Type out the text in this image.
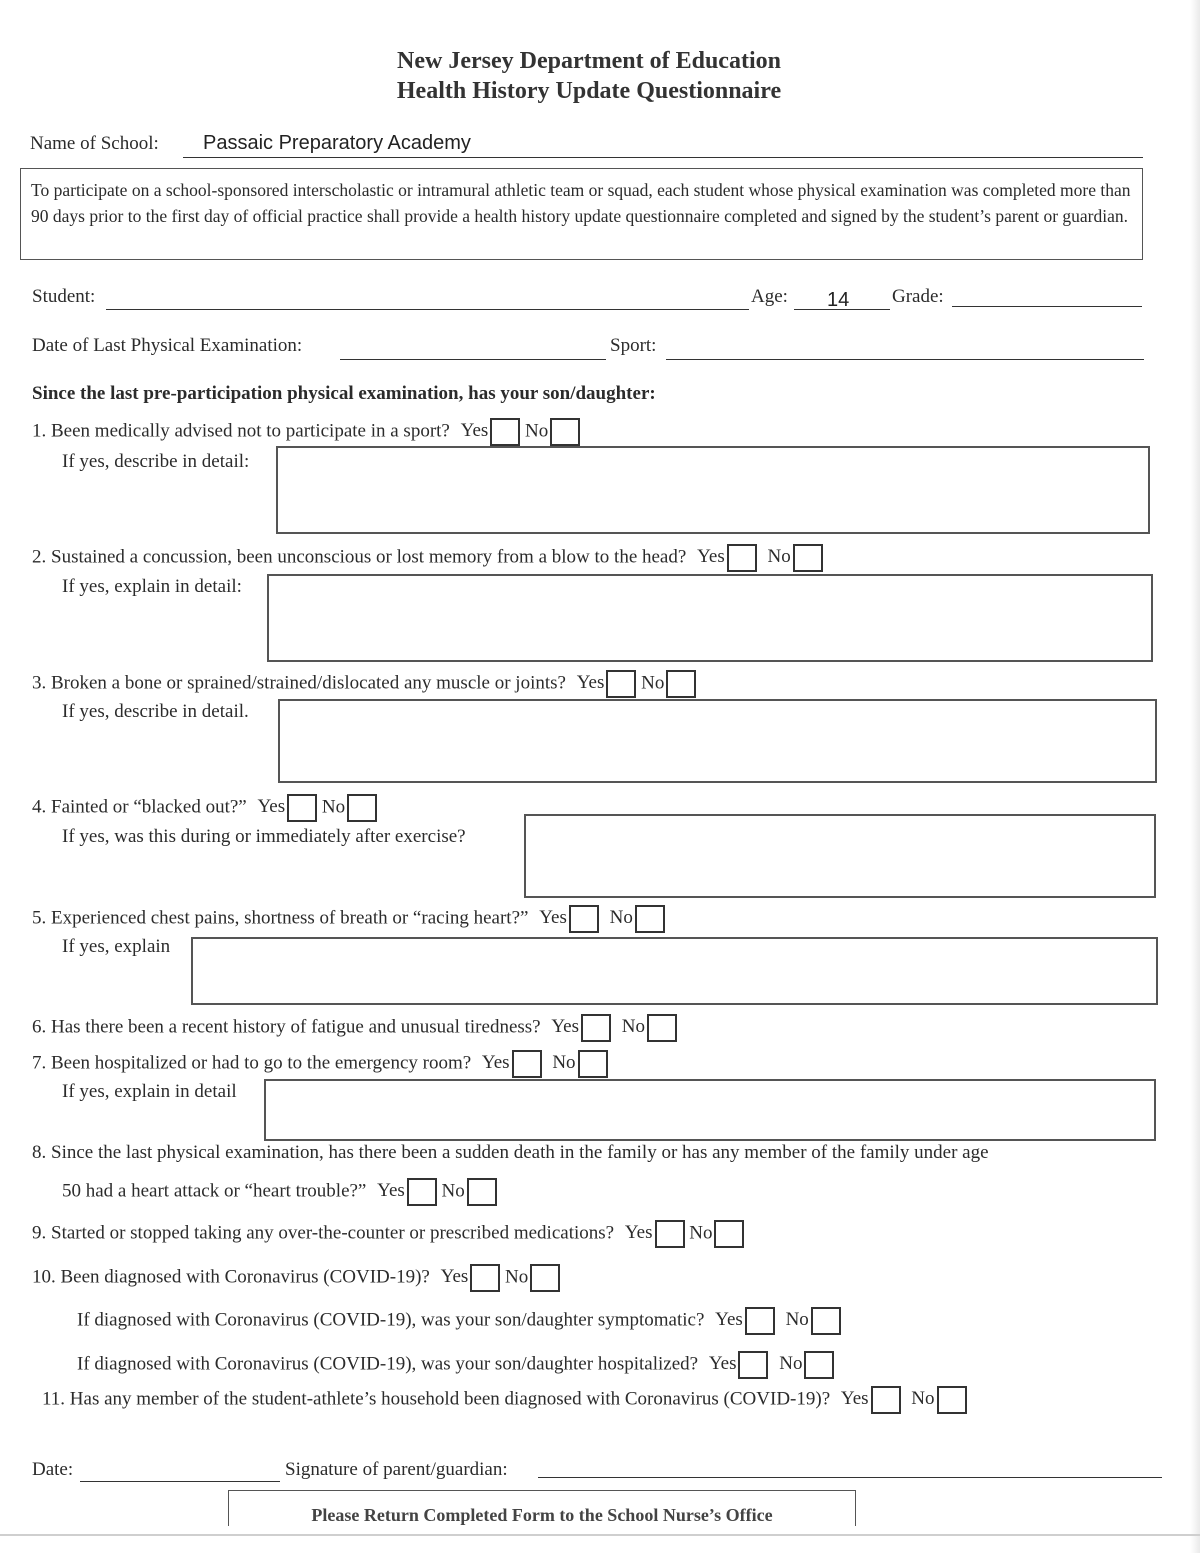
New Jersey Department of Education
Health History Update Questionnaire
Name of School: Passaic Preparatory Academy
To participate on a school-sponsored interscholastic or intramural athletic team or squad, each student whose physical examination was completed more than 90 days prior to the first day of official practice shall provide a health history update questionnaire completed and signed by the student’s parent or guardian.
Student:	Age: 14 Grade:
Date of Last Physical Examination:	Sport:
Since the last pre-participation physical examination, has your son/daughter:
1. Been medically advised not to participate in a sport? Yes No
If yes, describe in detail:
2. Sustained a concussion, been unconscious or lost memory from a blow to the head? Yes No
If yes, explain in detail:
3. Broken a bone or sprained/strained/dislocated any muscle or joints? Yes No
If yes, describe in detail.
4. Fainted or “blacked out?” Yes No
If yes, was this during or immediately after exercise?
5. Experienced chest pains, shortness of breath or “racing heart?” Yes No
If yes, explain
6. Has there been a recent history of fatigue and unusual tiredness? Yes No
7. Been hospitalized or had to go to the emergency room? Yes No
If yes, explain in detail
8. Since the last physical examination, has there been a sudden death in the family or has any member of the family under age
50 had a heart attack or “heart trouble?” Yes No
9. Started or stopped taking any over-the-counter or prescribed medications? Yes No
10. Been diagnosed with Coronavirus (COVID-19)? Yes No
If diagnosed with Coronavirus (COVID-19), was your son/daughter symptomatic? Yes No
If diagnosed with Coronavirus (COVID-19), was your son/daughter hospitalized? Yes No
11. Has any member of the student-athlete’s household been diagnosed with Coronavirus (COVID-19)? Yes No
Date:	Signature of parent/guardian:
Please Return Completed Form to the School Nurse’s Office
